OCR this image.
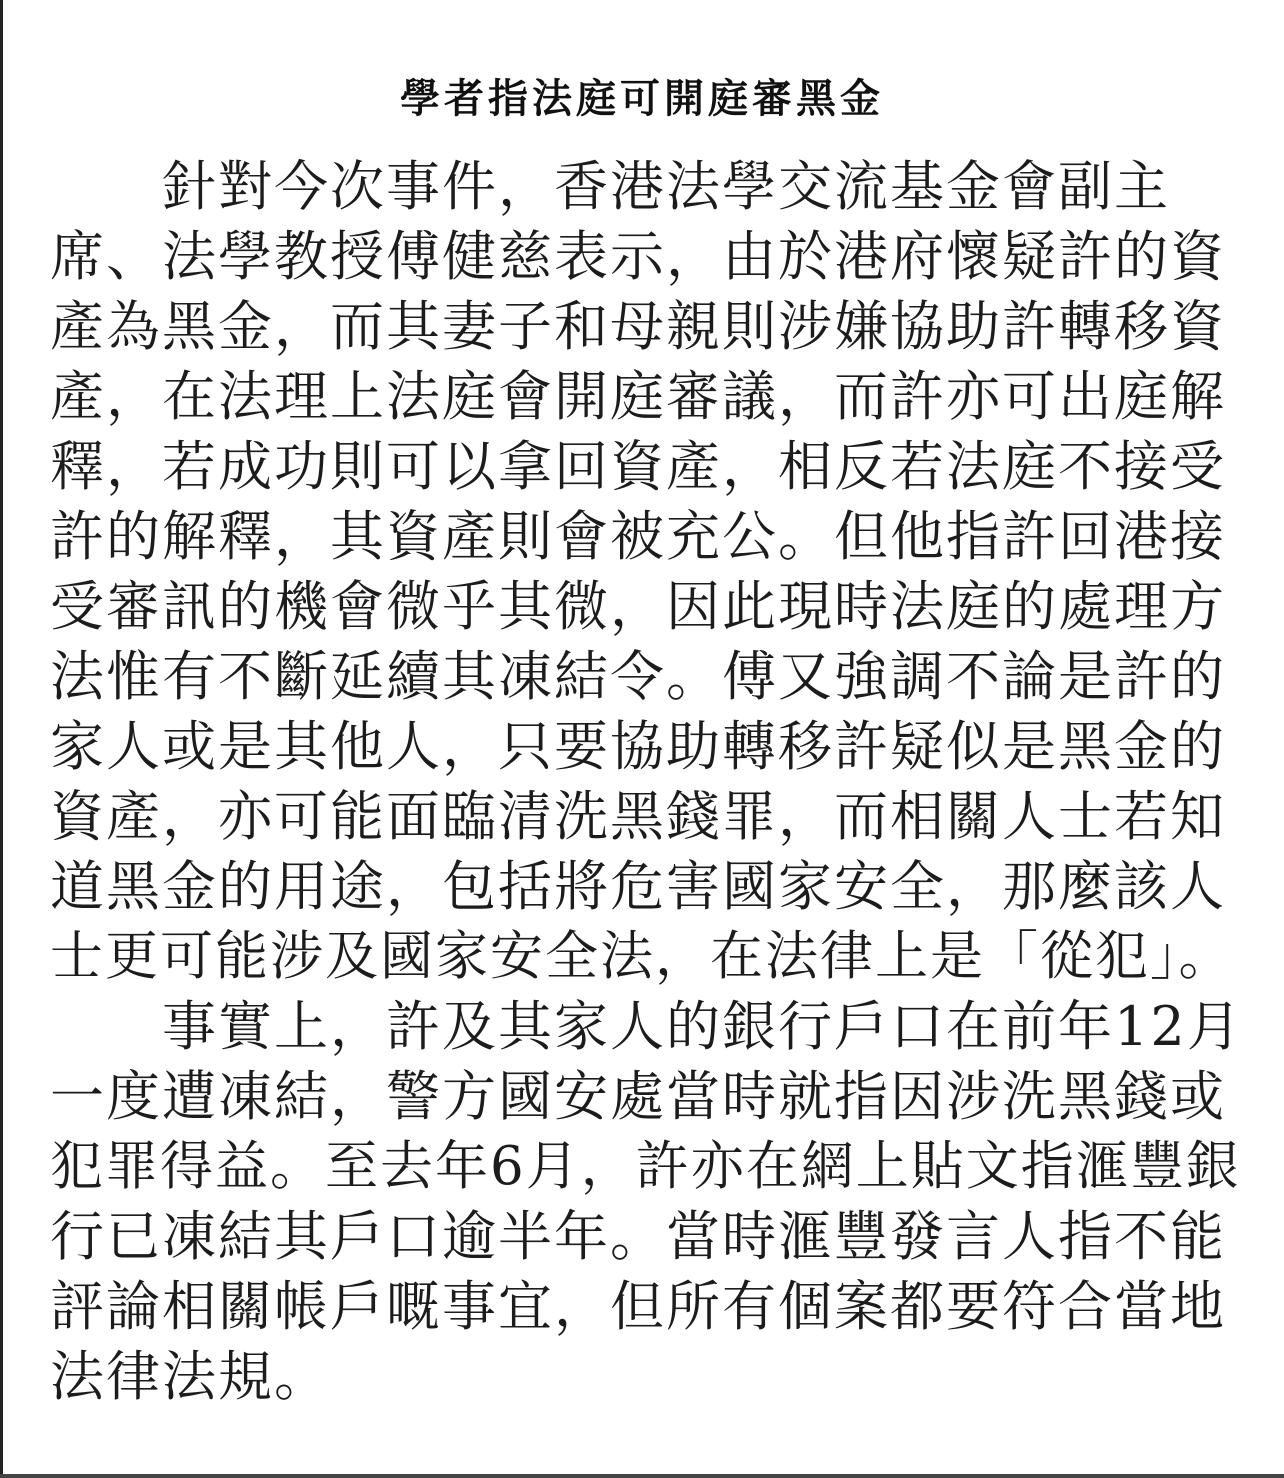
學者指法庭可開庭審黑金
　　針對今次事件，香港法學交流基金會副主
席、法學教授傅健慈表示，由於港府懷疑許的資
產為黑金，而其妻子和母親則涉嫌協助許轉移資
產，在法理上法庭會開庭審議，而許亦可出庭解
釋，若成功則可以拿回資產，相反若法庭不接受
許的解釋，其資產則會被充公。但他指許回港接
受審訊的機會微乎其微，因此現時法庭的處理方
法惟有不斷延續其凍結令。傅又強調不論是許的
家人或是其他人，只要協助轉移許疑似是黑金的
資產，亦可能面臨清洗黑錢罪，而相關人士若知
道黑金的用途，包括將危害國家安全，那麼該人
士更可能涉及國家安全法，在法律上是「從犯」。
　　事實上，許及其家人的銀行戶口在前年12月
一度遭凍結，警方國安處當時就指因涉洗黑錢或
犯罪得益。至去年6月，許亦在網上貼文指滙豐銀
行已凍結其戶口逾半年。當時滙豐發言人指不能
評論相關帳戶嘅事宜，但所有個案都要符合當地
法律法規。
